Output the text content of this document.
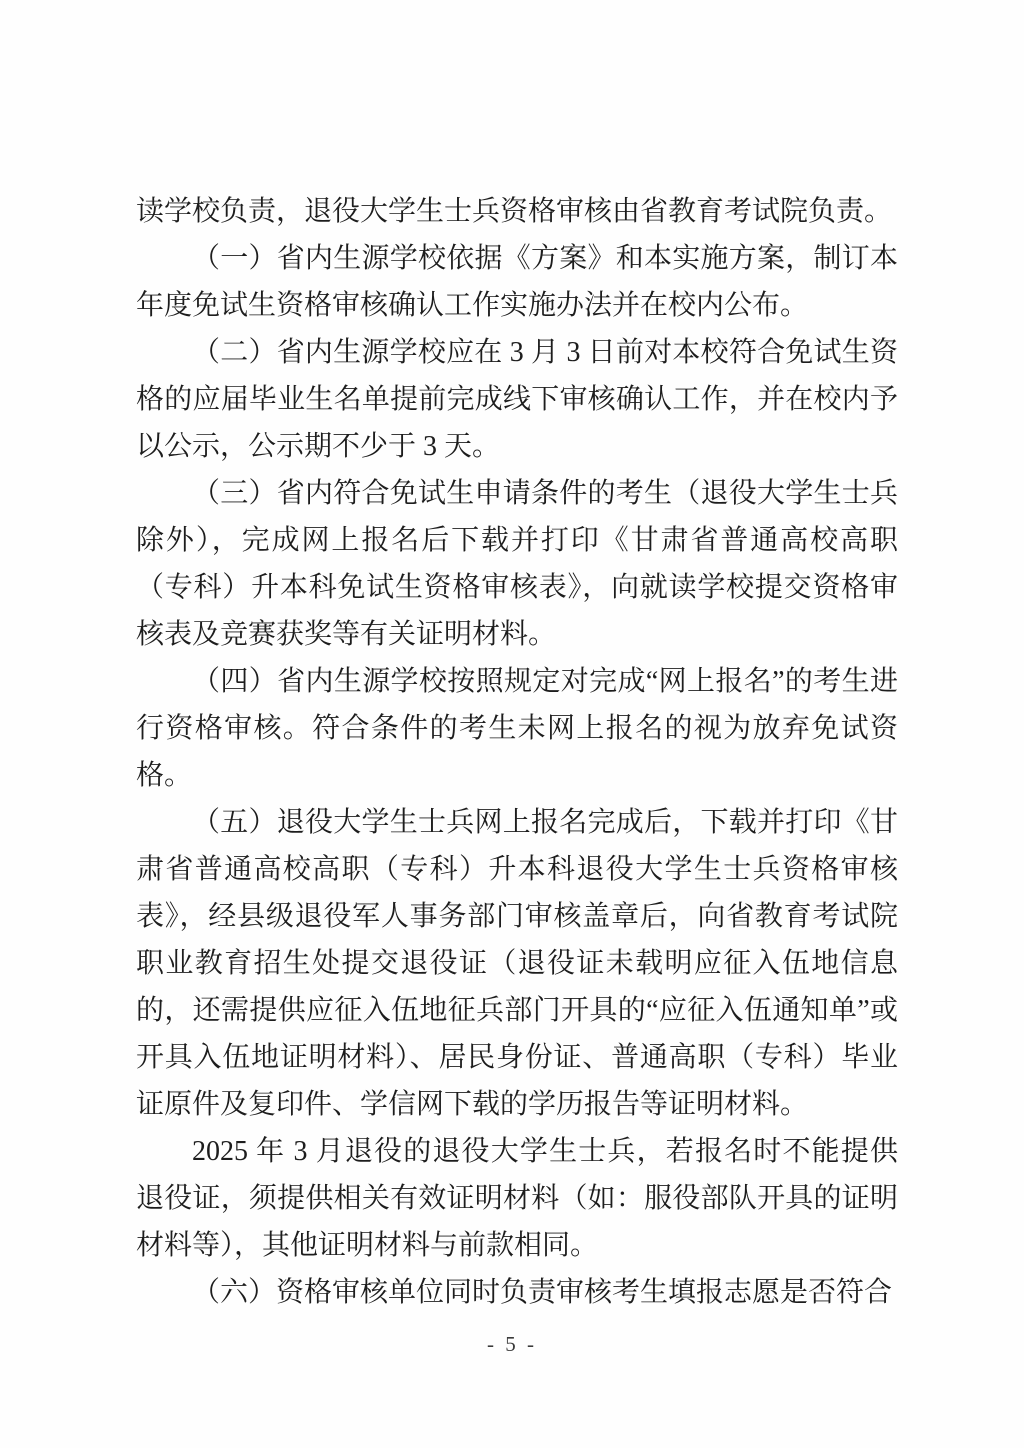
读学校负责，退役大学生士兵资格审核由省教育考试院负责。

（一）省内生源学校依据《方案》和本实施方案，制订本年度免试生资格审核确认工作实施办法并在校内公布。

（二）省内生源学校应在 3 月 3 日前对本校符合免试生资格的应届毕业生名单提前完成线下审核确认工作，并在校内予以公示，公示期不少于 3 天。

（三）省内符合免试生申请条件的考生（退役大学生士兵除外），完成网上报名后下载并打印《甘肃省普通高校高职（专科）升本科免试生资格审核表》，向就读学校提交资格审核表及竞赛获奖等有关证明材料。

（四）省内生源学校按照规定对完成“网上报名”的考生进行资格审核。符合条件的考生未网上报名的视为放弃免试资格。

（五）退役大学生士兵网上报名完成后，下载并打印《甘肃省普通高校高职（专科）升本科退役大学生士兵资格审核表》，经县级退役军人事务部门审核盖章后，向省教育考试院职业教育招生处提交退役证（退役证未载明应征入伍地信息的，还需提供应征入伍地征兵部门开具的“应征入伍通知单”或开具入伍地证明材料）、居民身份证、普通高职（专科）毕业证原件及复印件、学信网下载的学历报告等证明材料。

2025 年 3 月退役的退役大学生士兵，若报名时不能提供退役证，须提供相关有效证明材料（如：服役部队开具的证明材料等），其他证明材料与前款相同。

（六）资格审核单位同时负责审核考生填报志愿是否符合

- 5 -
